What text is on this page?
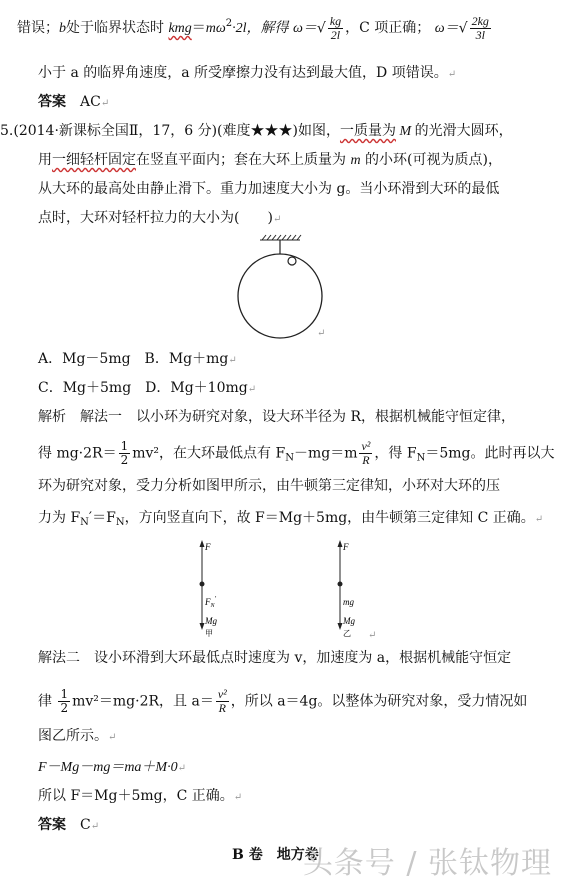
错误；b处于临界状态时 $kmg=m\omega^2\cdot 2l$，解得 $\omega=√ \frac{kg}{2l}$ ，C 项正确； $\omega=√ \frac{2kg}{3l}$
小于 a 的临界角速度，a 所受摩擦力没有达到最大值，D 项错误。↵
答案　 AC↵
5.(2014·新课标全国Ⅱ，17，6 分)(难度★★★)如图，一质量为 M 的光滑大圆环，
用一细轻杆固定在竖直平面内；套在大环上质量为 m 的小环(可视为质点)，
从大环的最高处由静止滑下。重力加速度大小为 g。当小环滑到大环的最低
点时，大环对轻杆拉力的大小为(　　)↵
↵
A．Mg－5mg　B．Mg＋mg↵
C．Mg＋5mg　D．Mg＋10mg↵
解析　解法一　以小环为研究对象，设大环半径为 R，根据机械能守恒定律，
得 $mg\cdot 2R= \frac{1}{2} mv^2$，在大环最低点有 $F_N-mg=m \frac{\text{v²}}{R}$ ，得 $F_N=5mg$。此时再以大
环为研究对象，受力分析如图甲所示，由牛顿第三定律知，小环对大环的压
力为 $F_N'=F_N$，方向竖直向下，故 F＝Mg＋5mg，由牛顿第三定律知 C 正确。↵
F
$F_N'$
Mg
甲
F
mg
Mg
乙 ↵
解法二　设小环滑到大环最低点时速度为 v，加速度为 a，根据机械能守恒定
律 $\frac{1}{2} mv^2=mg\cdot 2R$，且 $a= \frac{\text{v²}}{R}$ ，所以 a＝4g。以整体为研究对象，受力情况如
图乙所示。↵
F－Mg－mg＝ma＋M·0↵
所以 F＝Mg＋5mg，C 正确。↵
答案　 C↵
B 卷　地方卷
头条号 / 张钛物理
